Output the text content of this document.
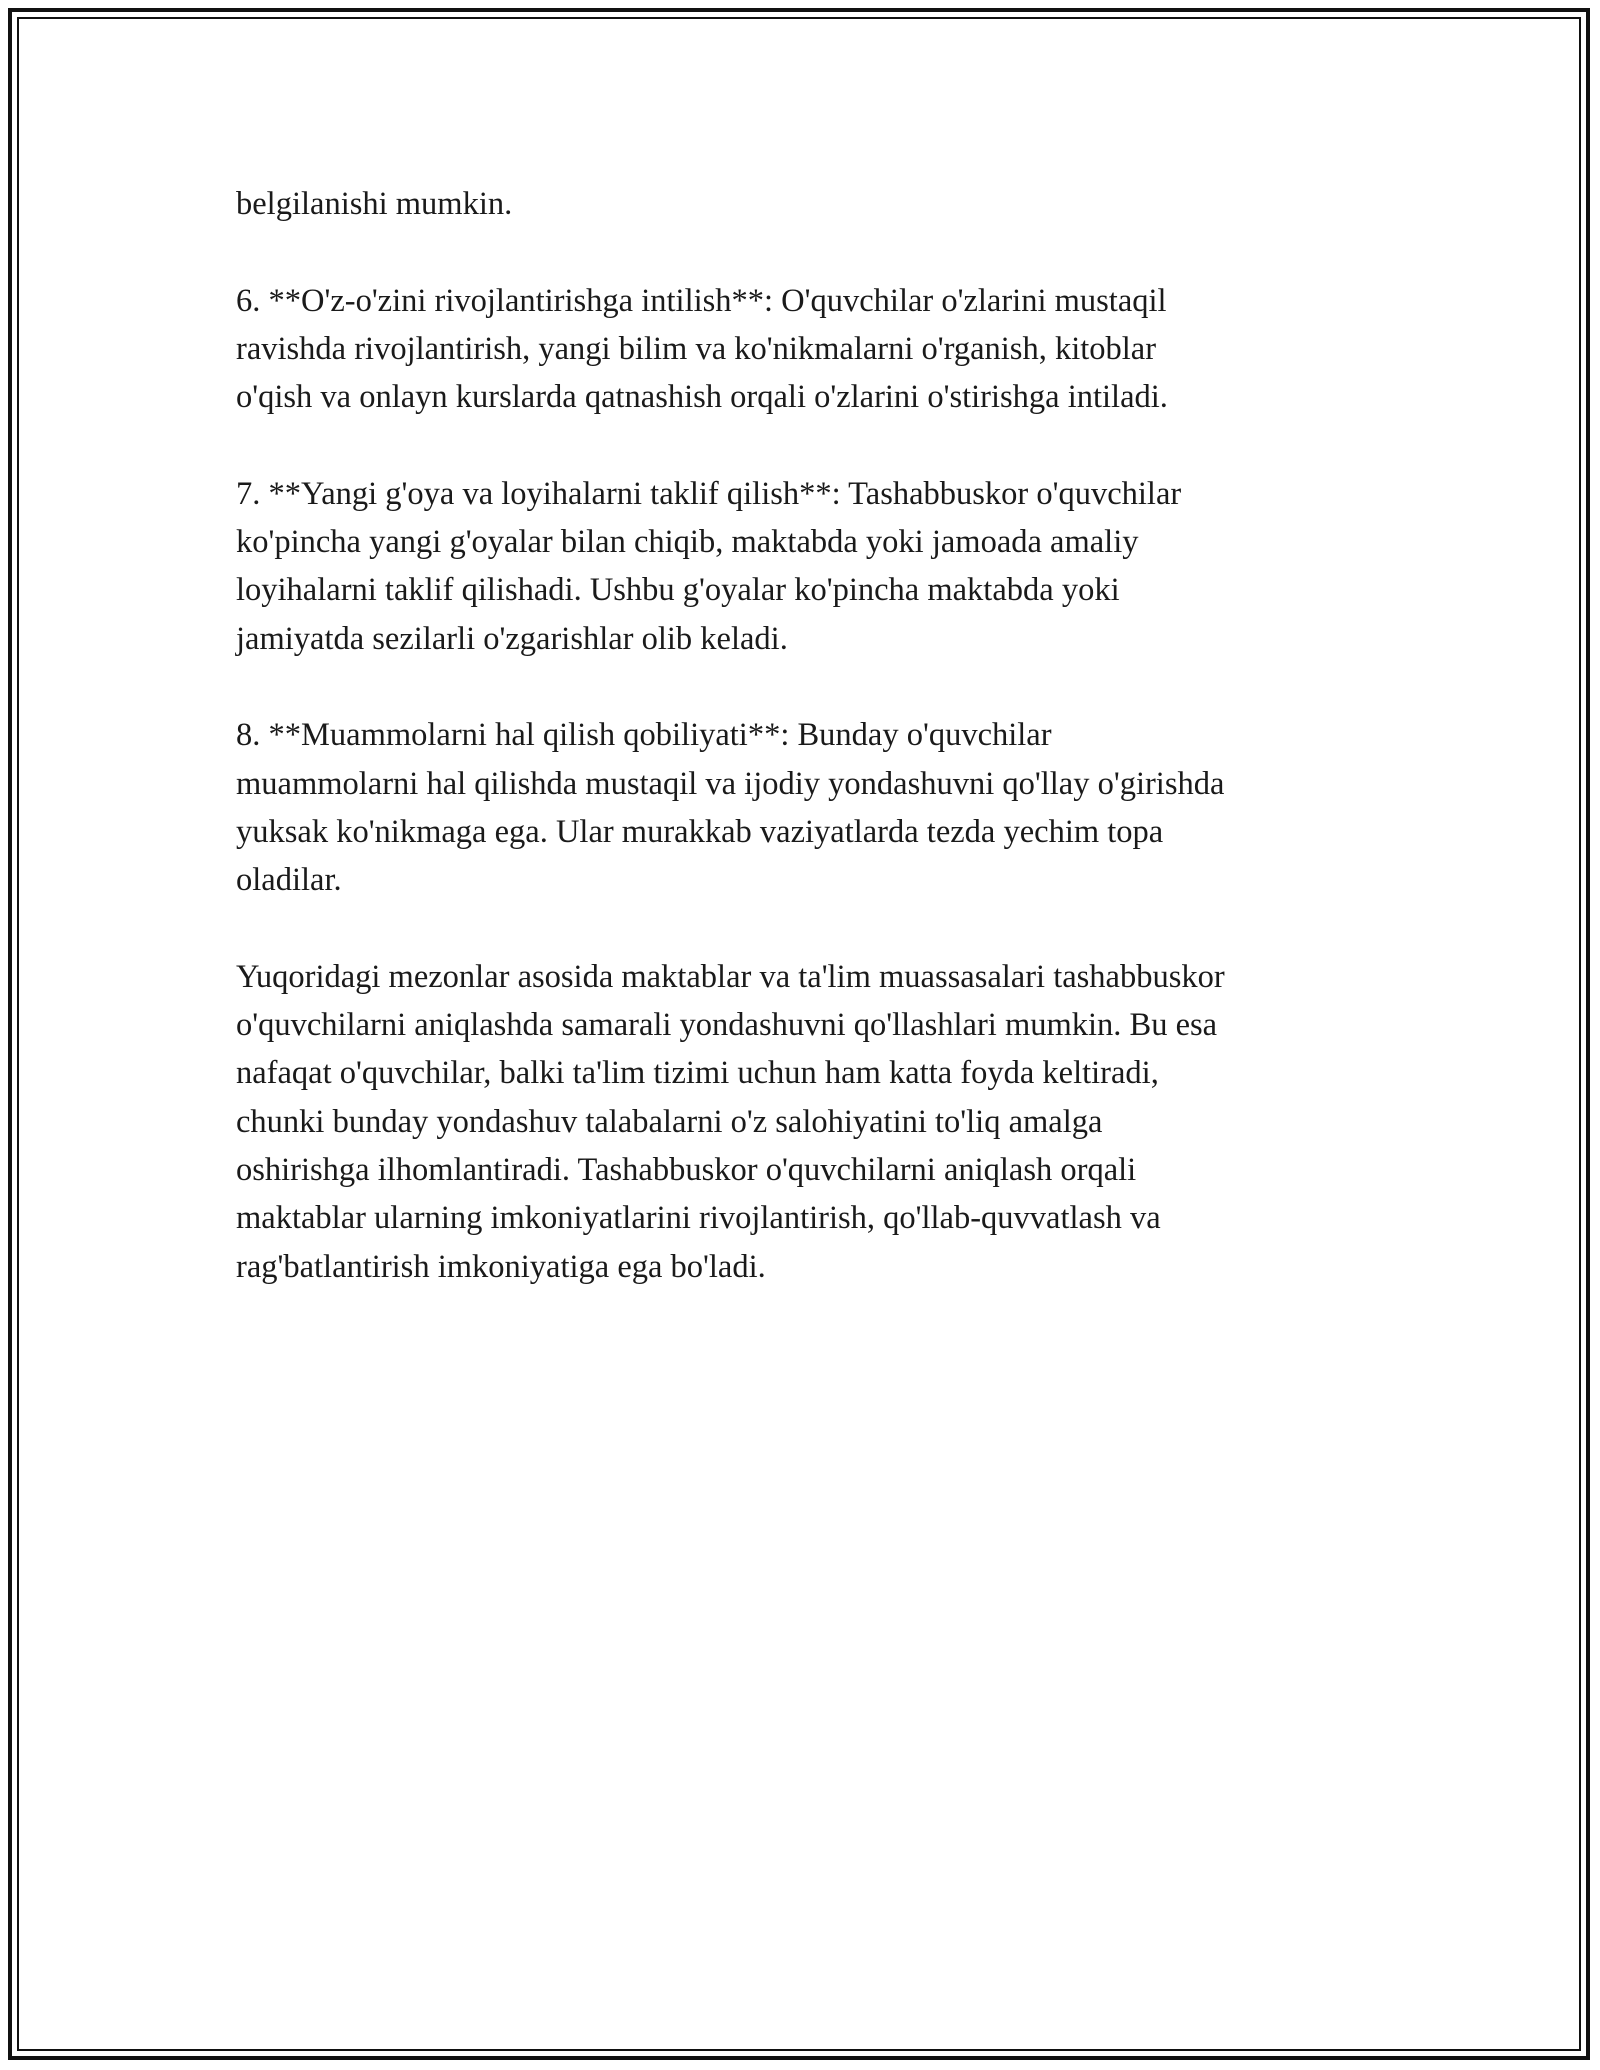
belgilanishi mumkin.

6. **O'z-o'zini rivojlantirishga intilish**: O'quvchilar o'zlarini mustaqil
ravishda rivojlantirish, yangi bilim va ko'nikmalarni o'rganish, kitoblar
o'qish va onlayn kurslarda qatnashish orqali o'zlarini o'stirishga intiladi.

7. **Yangi g'oya va loyihalarni taklif qilish**: Tashabbuskor o'quvchilar
ko'pincha yangi g'oyalar bilan chiqib, maktabda yoki jamoada amaliy
loyihalarni taklif qilishadi. Ushbu g'oyalar ko'pincha maktabda yoki
jamiyatda sezilarli o'zgarishlar olib keladi.

8. **Muammolarni hal qilish qobiliyati**: Bunday o'quvchilar
muammolarni hal qilishda mustaqil va ijodiy yondashuvni qo'llay o'girishda
yuksak ko'nikmaga ega. Ular murakkab vaziyatlarda tezda yechim topa
oladilar.

Yuqoridagi mezonlar asosida maktablar va ta'lim muassasalari tashabbuskor
o'quvchilarni aniqlashda samarali yondashuvni qo'llashlari mumkin. Bu esa
nafaqat o'quvchilar, balki ta'lim tizimi uchun ham katta foyda keltiradi,
chunki bunday yondashuv talabalarni o'z salohiyatini to'liq amalga
oshirishga ilhomlantiradi. Tashabbuskor o'quvchilarni aniqlash orqali
maktablar ularning imkoniyatlarini rivojlantirish, qo'llab-quvvatlash va
rag'batlantirish imkoniyatiga ega bo'ladi.
